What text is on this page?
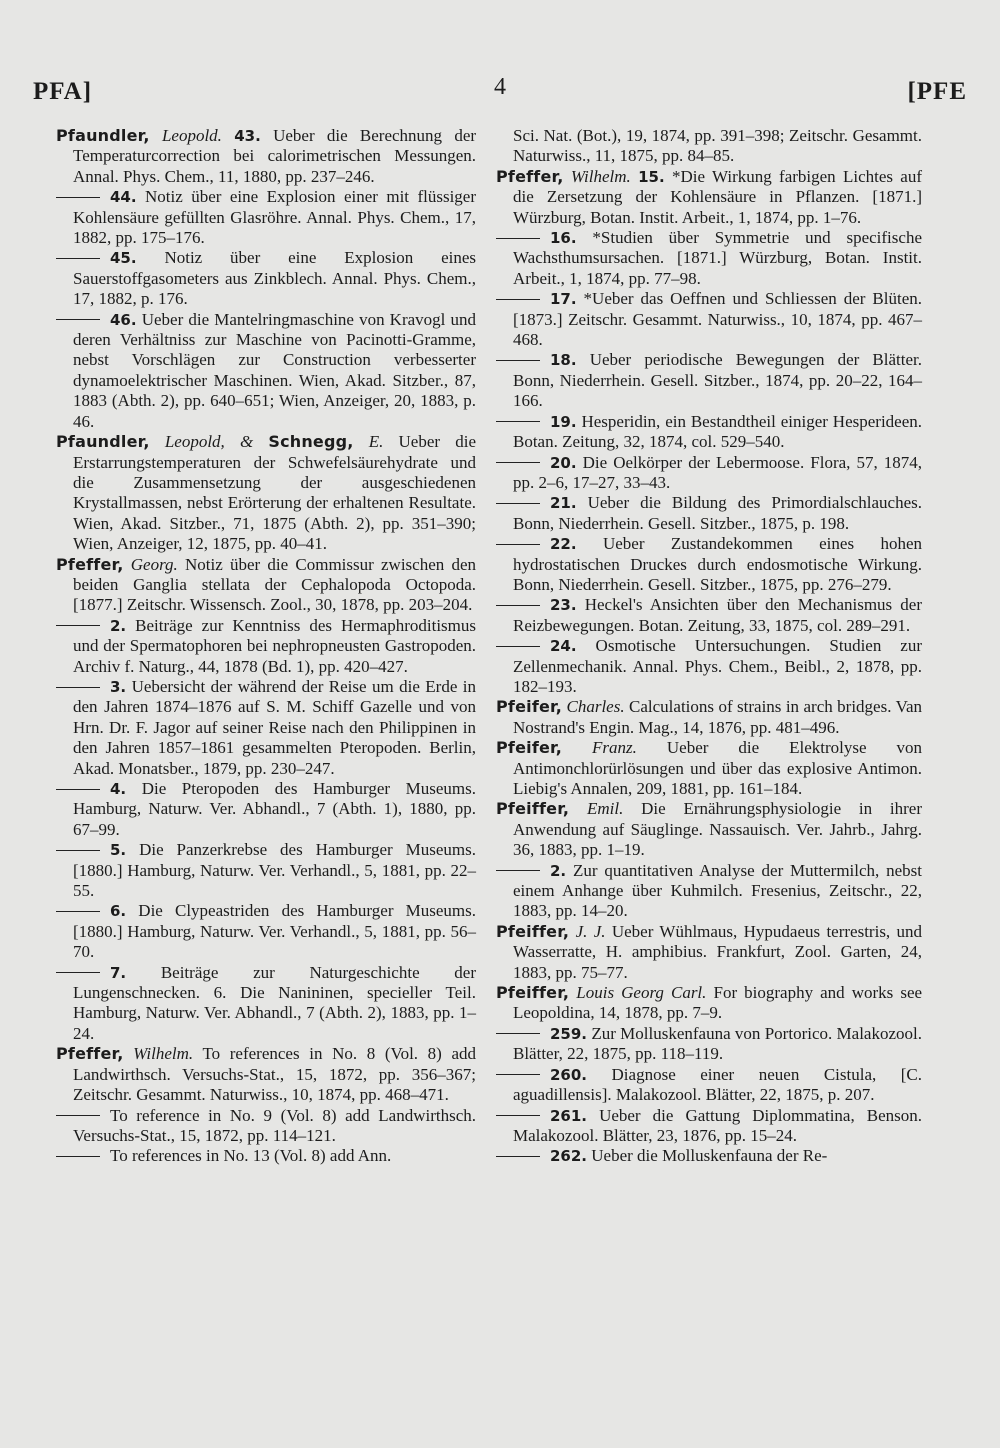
PFA]	4	[PFE

Pfaundler, Leopold. 43. Ueber die Berechnung der Temperaturcorrection bei calorimetrischen Messungen. Annal. Phys. Chem., 11, 1880, pp. 237–246.

44. Notiz über eine Explosion einer mit flüssiger Kohlensäure gefüllten Glasröhre. Annal. Phys. Chem., 17, 1882, pp. 175–176.

45. Notiz über eine Explosion eines Sauerstoffgasometers aus Zinkblech. Annal. Phys. Chem., 17, 1882, p. 176.

46. Ueber die Mantelringmaschine von Kravogl und deren Verhältniss zur Maschine von Pacinotti-Gramme, nebst Vorschlägen zur Construction verbesserter dynamoelektrischer Maschinen. Wien, Akad. Sitzber., 87, 1883 (Abth. 2), pp. 640–651; Wien, Anzeiger, 20, 1883, p. 46.

Pfaundler, Leopold, & Schnegg, E. Ueber die Erstarrungstemperaturen der Schwefelsäurehydrate und die Zusammensetzung der ausgeschiedenen Krystallmassen, nebst Erörterung der erhaltenen Resultate. Wien, Akad. Sitzber., 71, 1875 (Abth. 2), pp. 351–390; Wien, Anzeiger, 12, 1875, pp. 40–41.

Pfeffer, Georg. Notiz über die Commissur zwischen den beiden Ganglia stellata der Cephalopoda Octopoda. [1877.] Zeitschr. Wissensch. Zool., 30, 1878, pp. 203–204.

2. Beiträge zur Kenntniss des Hermaphroditismus und der Spermatophoren bei nephropneusten Gastropoden. Archiv f. Naturg., 44, 1878 (Bd. 1), pp. 420–427.

3. Uebersicht der während der Reise um die Erde in den Jahren 1874–1876 auf S. M. Schiff Gazelle und von Hrn. Dr. F. Jagor auf seiner Reise nach den Philippinen in den Jahren 1857–1861 gesammelten Pteropoden. Berlin, Akad. Monatsber., 1879, pp. 230–247.

4. Die Pteropoden des Hamburger Museums. Hamburg, Naturw. Ver. Abhandl., 7 (Abth. 1), 1880, pp. 67–99.

5. Die Panzerkrebse des Hamburger Museums. [1880.] Hamburg, Naturw. Ver. Verhandl., 5, 1881, pp. 22–55.

6. Die Clypeastriden des Hamburger Museums. [1880.] Hamburg, Naturw. Ver. Verhandl., 5, 1881, pp. 56–70.

7. Beiträge zur Naturgeschichte der Lungenschnecken. 6. Die Nanininen, specieller Teil. Hamburg, Naturw. Ver. Abhandl., 7 (Abth. 2), 1883, pp. 1–24.

Pfeffer, Wilhelm. To references in No. 8 (Vol. 8) add Landwirthsch. Versuchs-Stat., 15, 1872, pp. 356–367; Zeitschr. Gesammt. Naturwiss., 10, 1874, pp. 468–471.

To reference in No. 9 (Vol. 8) add Landwirthsch. Versuchs-Stat., 15, 1872, pp. 114–121.

To references in No. 13 (Vol. 8) add Ann.

Sci. Nat. (Bot.), 19, 1874, pp. 391–398; Zeitschr. Gesammt. Naturwiss., 11, 1875, pp. 84–85.

Pfeffer, Wilhelm. 15. *Die Wirkung farbigen Lichtes auf die Zersetzung der Kohlensäure in Pflanzen. [1871.] Würzburg, Botan. Instit. Arbeit., 1, 1874, pp. 1–76.

16. *Studien über Symmetrie und specifische Wachsthumsursachen. [1871.] Würzburg, Botan. Instit. Arbeit., 1, 1874, pp. 77–98.

17. *Ueber das Oeffnen und Schliessen der Blüten. [1873.] Zeitschr. Gesammt. Naturwiss., 10, 1874, pp. 467–468.

18. Ueber periodische Bewegungen der Blätter. Bonn, Niederrhein. Gesell. Sitzber., 1874, pp. 20–22, 164–166.

19. Hesperidin, ein Bestandtheil einiger Hesperideen. Botan. Zeitung, 32, 1874, col. 529–540.

20. Die Oelkörper der Lebermoose. Flora, 57, 1874, pp. 2–6, 17–27, 33–43.

21. Ueber die Bildung des Primordialschlauches. Bonn, Niederrhein. Gesell. Sitzber., 1875, p. 198.

22. Ueber Zustandekommen eines hohen hydrostatischen Druckes durch endosmotische Wirkung. Bonn, Niederrhein. Gesell. Sitzber., 1875, pp. 276–279.

23. Heckel's Ansichten über den Mechanismus der Reizbewegungen. Botan. Zeitung, 33, 1875, col. 289–291.

24. Osmotische Untersuchungen. Studien zur Zellenmechanik. Annal. Phys. Chem., Beibl., 2, 1878, pp. 182–193.

Pfeifer, Charles. Calculations of strains in arch bridges. Van Nostrand's Engin. Mag., 14, 1876, pp. 481–496.

Pfeifer, Franz. Ueber die Elektrolyse von Antimonchlorürlösungen und über das explosive Antimon. Liebig's Annalen, 209, 1881, pp. 161–184.

Pfeiffer, Emil. Die Ernährungsphysiologie in ihrer Anwendung auf Säuglinge. Nassauisch. Ver. Jahrb., Jahrg. 36, 1883, pp. 1–19.

2. Zur quantitativen Analyse der Muttermilch, nebst einem Anhange über Kuhmilch. Fresenius, Zeitschr., 22, 1883, pp. 14–20.

Pfeiffer, J. J. Ueber Wühlmaus, Hypudaeus terrestris, und Wasserratte, H. amphibius. Frankfurt, Zool. Garten, 24, 1883, pp. 75–77.

Pfeiffer, Louis Georg Carl. For biography and works see Leopoldina, 14, 1878, pp. 7–9.

259. Zur Molluskenfauna von Portorico. Malakozool. Blätter, 22, 1875, pp. 118–119.

260. Diagnose einer neuen Cistula, [C. aguadillensis]. Malakozool. Blätter, 22, 1875, p. 207.

261. Ueber die Gattung Diplommatina, Benson. Malakozool. Blätter, 23, 1876, pp. 15–24.

262. Ueber die Molluskenfauna der Re-
